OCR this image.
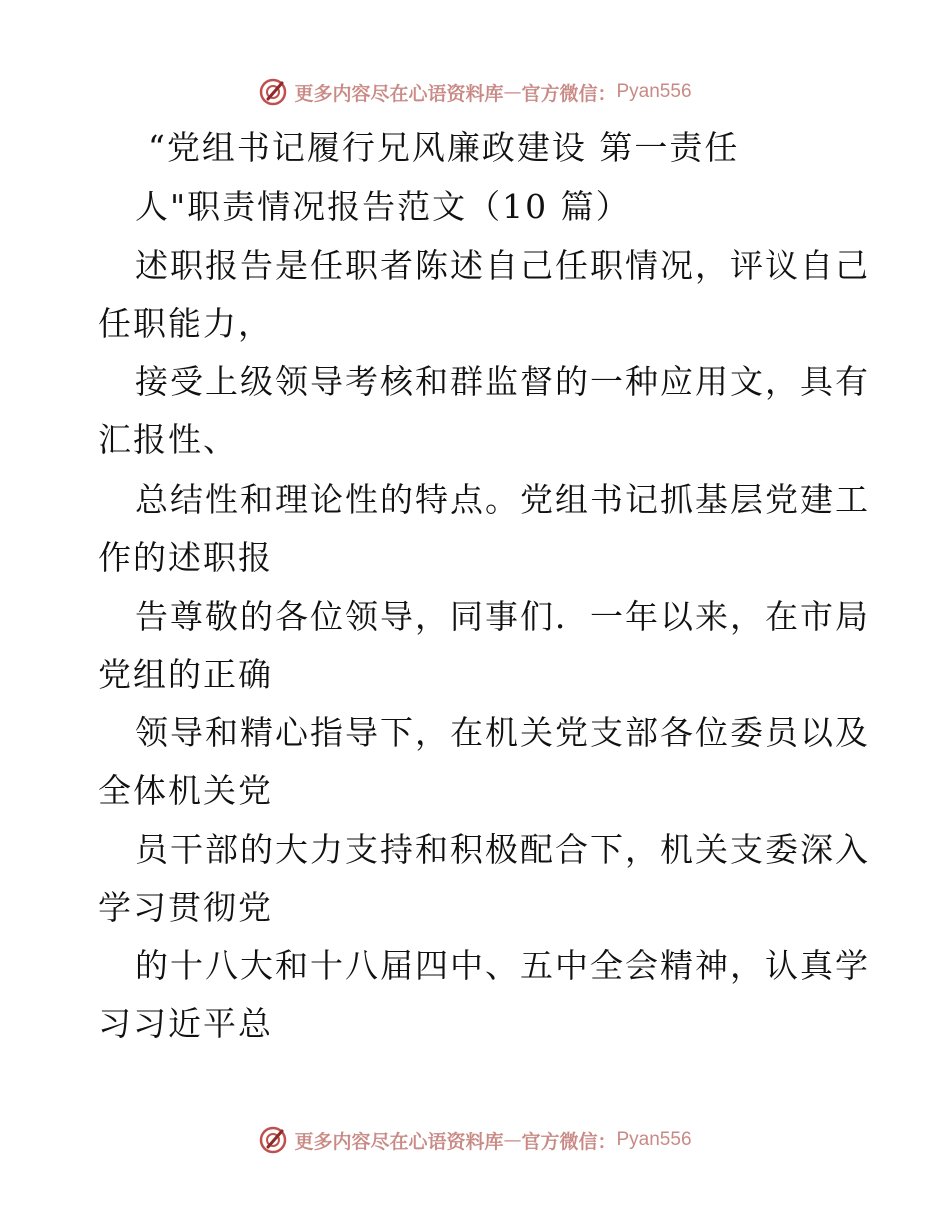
更多内容尽在心语资料库 — 官方微信： Pyan556
“党组书记履行兄风廉政建设 第一责任
人"职责情况报告范文（10 篇）
述职报告是任职者陈述自己任职情况，评议自己
任职能力，
接受上级领导考核和群监督的一种应用文，具有
汇报性、
总结性和理论性的特点。党组书记抓基层党建工
作的述职报
告尊敬的各位领导，同事们．一年以来，在市局
党组的正确
领导和精心指导下，在机关党支部各位委员以及
全体机关党
员干部的大力支持和积极配合下，机关支委深入
学习贯彻党
的十八大和十八届四中、五中全会精神，认真学
习习近平总
更多内容尽在心语资料库 — 官方微信： Pyan556
